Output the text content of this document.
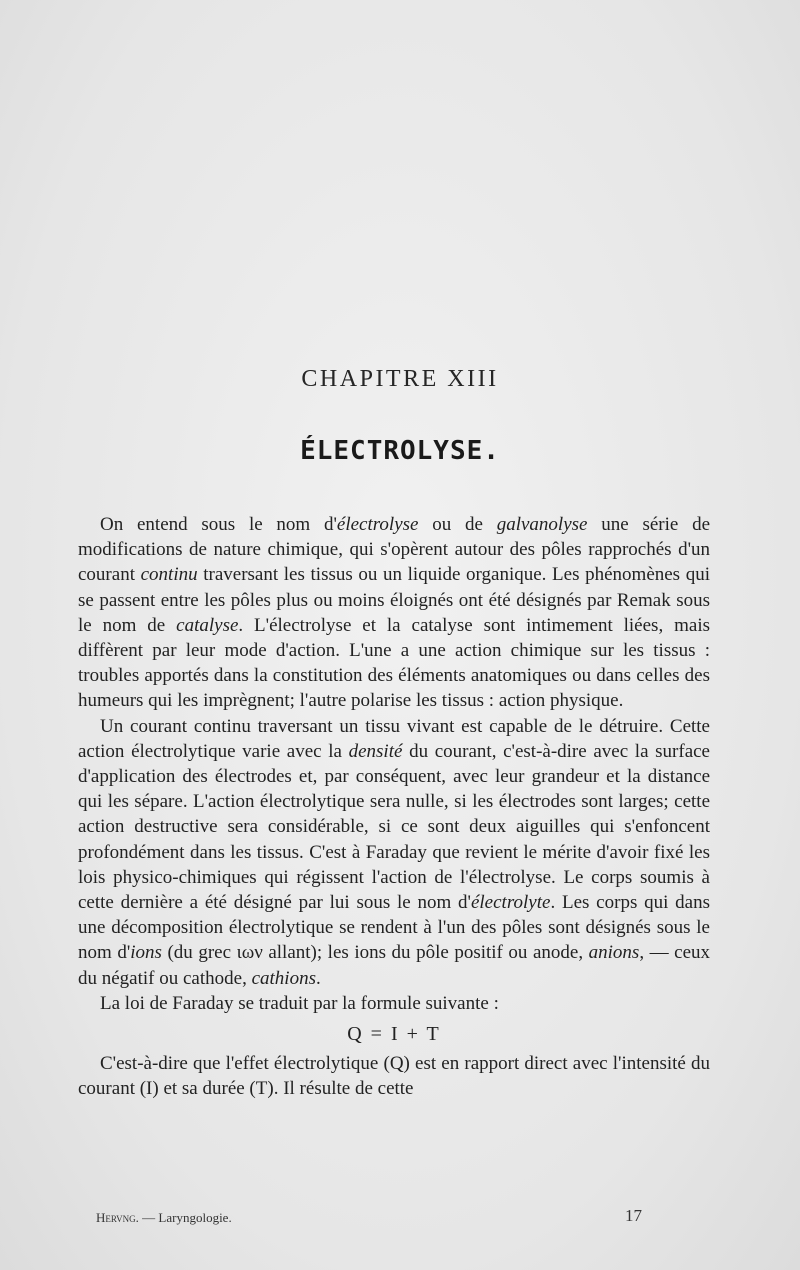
CHAPITRE XIII
ÉLECTROLYSE.

On entend sous le nom d'électrolyse ou de galvanolyse une série de modifications de nature chimique, qui s'opèrent autour des pôles rapprochés d'un courant continu traversant les tissus ou un liquide organique. Les phénomènes qui se passent entre les pôles plus ou moins éloignés ont été désignés par Remak sous le nom de catalyse. L'électrolyse et la catalyse sont intimement liées, mais diffèrent par leur mode d'action. L'une a une action chimique sur les tissus : troubles apportés dans la constitution des éléments anatomiques ou dans celles des humeurs qui les imprègnent; l'autre polarise les tissus : action physique.

Un courant continu traversant un tissu vivant est capable de le détruire. Cette action électrolytique varie avec la densité du courant, c'est-à-dire avec la surface d'application des électrodes et, par conséquent, avec leur grandeur et la distance qui les sépare. L'action électrolytique sera nulle, si les électrodes sont larges; cette action destructive sera considérable, si ce sont deux aiguilles qui s'enfoncent profondément dans les tissus. C'est à Faraday que revient le mérite d'avoir fixé les lois physico-chimiques qui régissent l'action de l'électrolyse. Le corps soumis à cette dernière a été désigné par lui sous le nom d'électrolyte. Les corps qui dans une décomposition électrolytique se rendent à l'un des pôles sont désignés sous le nom d'ions (du grec ιων allant); les ions du pôle positif ou anode, anions, — ceux du négatif ou cathode, cathions.

La loi de Faraday se traduit par la formule suivante :

Q = I + T

C'est-à-dire que l'effet électrolytique (Q) est en rapport direct avec l'intensité du courant (I) et sa durée (T). Il résulte de cette

Hervng. — Laryngologie.	17
